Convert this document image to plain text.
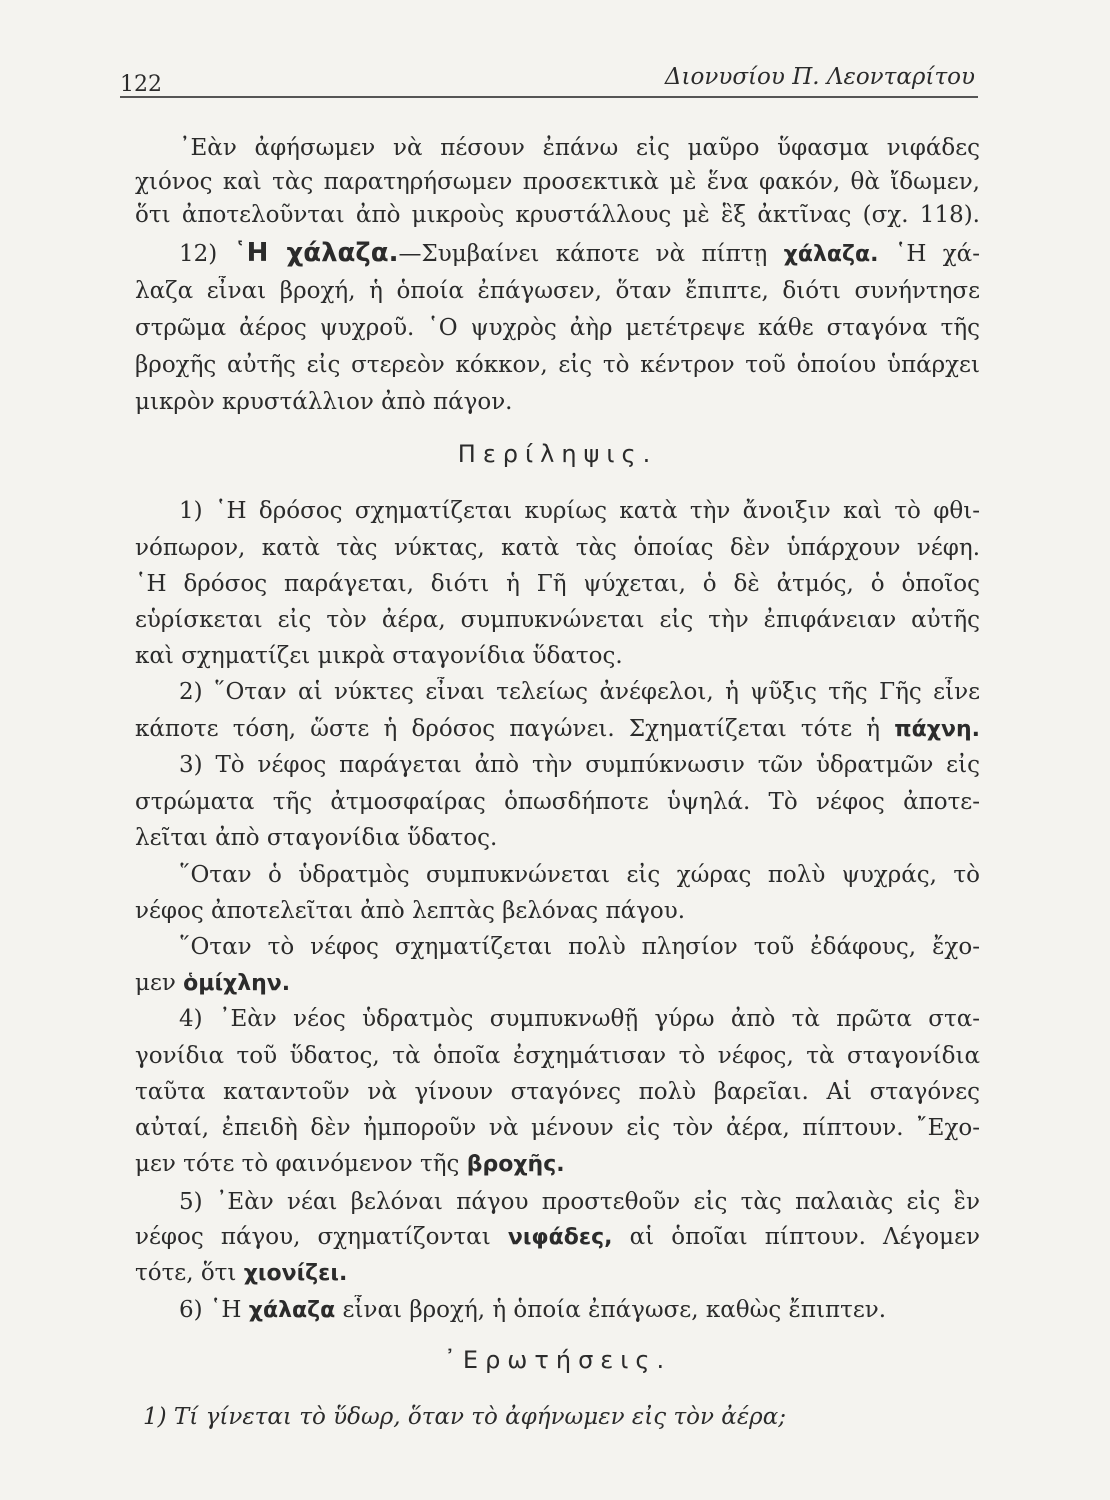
122	Διονυσίου Π. Λεονταρίτου
᾿Εὰν ἀφήσωμεν νὰ πέσουν ἐπάνω εἰς μαῦρο ὕφασμα νιφάδες
χιόνος καὶ τὰς παρατηρήσωμεν προσεκτικὰ μὲ ἕνα φακόν, θὰ ἴδωμεν,
ὅτι ἀποτελοῦνται ἀπὸ μικροὺς κρυστάλλους μὲ ἓξ ἀκτῖνας (σχ. 118).
12) ῾Η χάλαζα.—Συμβαίνει κάποτε νὰ πίπτῃ χάλαζα. ῾Η χά-
λαζα εἶναι βροχή, ἡ ὁποία ἐπάγωσεν, ὅταν ἔπιπτε, διότι συνήντησε
στρῶμα ἀέρος ψυχροῦ. ῾Ο ψυχρὸς ἀὴρ μετέτρεψε κάθε σταγόνα τῆς
βροχῆς αὐτῆς εἰς στερεὸν κόκκον, εἰς τὸ κέντρον τοῦ ὁποίου ὑπάρχει
μικρὸν κρυστάλλιον ἀπὸ πάγον.
Περίληψις.
1) ῾Η δρόσος σχηματίζεται κυρίως κατὰ τὴν ἄνοιξιν καὶ τὸ φθι-
νόπωρον, κατὰ τὰς νύκτας, κατὰ τὰς ὁποίας δὲν ὑπάρχουν νέφη.
῾Η δρόσος παράγεται, διότι ἡ Γῆ ψύχεται, ὁ δὲ ἀτμός, ὁ ὁποῖος
εὑρίσκεται εἰς τὸν ἀέρα, συμπυκνώνεται εἰς τὴν ἐπιφάνειαν αὐτῆς
καὶ σχηματίζει μικρὰ σταγονίδια ὕδατος.
2) ῞Οταν αἱ νύκτες εἶναι τελείως ἀνέφελοι, ἡ ψῦξις τῆς Γῆς εἶνε
κάποτε τόση, ὥστε ἡ δρόσος παγώνει. Σχηματίζεται τότε ἡ πάχνη.
3) Τὸ νέφος παράγεται ἀπὸ τὴν συμπύκνωσιν τῶν ὑδρατμῶν εἰς
στρώματα τῆς ἀτμοσφαίρας ὁπωσδήποτε ὑψηλά. Τὸ νέφος ἀποτε-
λεῖται ἀπὸ σταγονίδια ὕδατος.
῞Οταν ὁ ὑδρατμὸς συμπυκνώνεται εἰς χώρας πολὺ ψυχράς, τὸ
νέφος ἀποτελεῖται ἀπὸ λεπτὰς βελόνας πάγου.
῞Οταν τὸ νέφος σχηματίζεται πολὺ πλησίον τοῦ ἐδάφους, ἔχο-
μεν ὁμίχλην.
4) ᾿Εὰν νέος ὑδρατμὸς συμπυκνωθῇ γύρω ἀπὸ τὰ πρῶτα στα-
γονίδια τοῦ ὕδατος, τὰ ὁποῖα ἐσχημάτισαν τὸ νέφος, τὰ σταγονίδια
ταῦτα καταντοῦν νὰ γίνουν σταγόνες πολὺ βαρεῖαι. Αἱ σταγόνες
αὐταί, ἐπειδὴ δὲν ἠμποροῦν νὰ μένουν εἰς τὸν ἀέρα, πίπτουν. ῎Εχο-
μεν τότε τὸ φαινόμενον τῆς βροχῆς.
5) ᾿Εὰν νέαι βελόναι πάγου προστεθοῦν εἰς τὰς παλαιὰς εἰς ἓν
νέφος πάγου, σχηματίζονται νιφάδες, αἱ ὁποῖαι πίπτουν. Λέγομεν
τότε, ὅτι χιονίζει.
6) ῾Η χάλαζα εἶναι βροχή, ἡ ὁποία ἐπάγωσε, καθὼς ἔπιπτεν.
᾿Ερωτήσεις.
1) Τί γίνεται τὸ ὕδωρ, ὅταν τὸ ἀφήνωμεν εἰς τὸν ἀέρα;
